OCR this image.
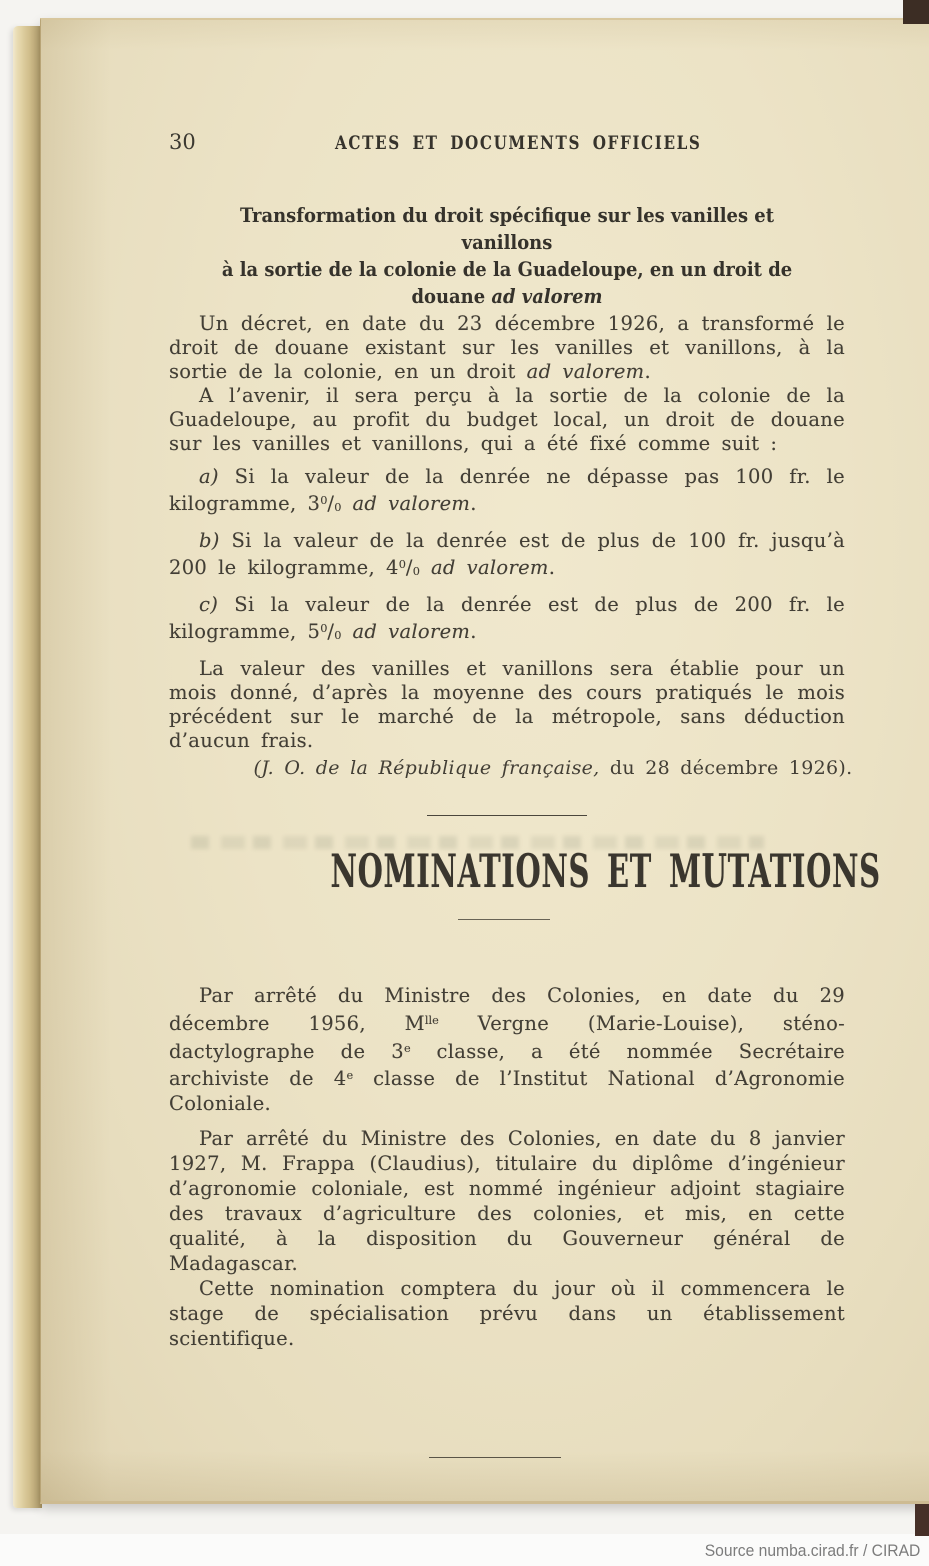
30	ACTES ET DOCUMENTS OFFICIELS
Transformation du droit spécifique sur les vanilles et vanillons
à la sortie de la colonie de la Guadeloupe, en un droit de douane ad valorem

Un décret, en date du 23 décembre 1926, a transformé le droit de douane existant sur les vanilles et vanillons, à la sortie de la colonie, en un droit ad valorem.

A l’avenir, il sera perçu à la sortie de la colonie de la Guadeloupe, au profit du budget local, un droit de douane sur les vanilles et vanillons, qui a été fixé comme suit :

a) Si la valeur de la denrée ne dépasse pas 100 fr. le kilogramme, $3^0/0$ ad valorem.

b) Si la valeur de la denrée est de plus de 100 fr. jusqu’à 200 le kilogramme, $4^0/0$ ad valorem.

c) Si la valeur de la denrée est de plus de 200 fr. le kilogramme, $5^0/0$ ad valorem.

La valeur des vanilles et vanillons sera établie pour un mois donné, d’après la moyenne des cours pratiqués le mois précédent sur le marché de la métropole, sans déduction d’aucun frais.

(J. O. de la République française, du 28 décembre 1926).
NOMINATIONS ET MUTATIONS

Par arrêté du Ministre des Colonies, en date du 29 décembre 1956, $M^{lle}$ Vergne (Marie-Louise), sténo-dactylographe de 3e classe, a été nommée Secrétaire archiviste de 4e classe de l’Institut National d’Agronomie Coloniale.

Par arrêté du Ministre des Colonies, en date du 8 janvier 1927, M. Frappa (Claudius), titulaire du diplôme d’ingénieur d’agronomie coloniale, est nommé ingénieur adjoint stagiaire des travaux d’agriculture des colonies, et mis, en cette qualité, à la disposition du Gouverneur général de Madagascar.

Cette nomination comptera du jour où il commencera le stage de spécialisation prévu dans un établissement scientifique.

Source numba.cirad.fr / CIRAD
